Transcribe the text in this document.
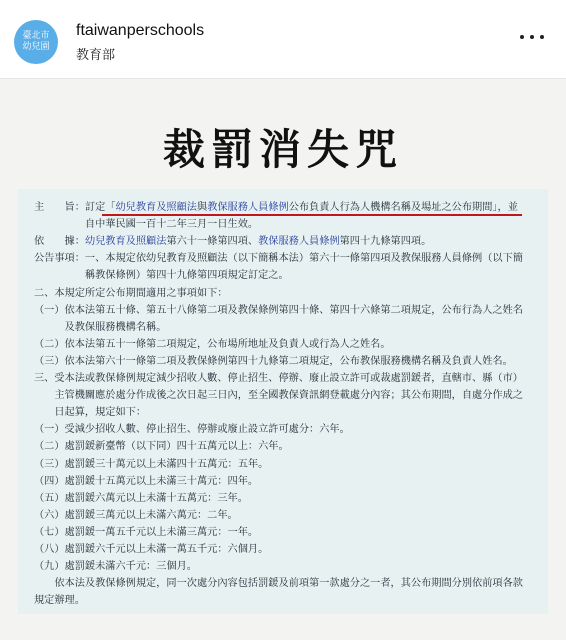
臺北市
幼兒園
ftaiwanperschools
教育部
裁罰消失咒
主　　旨：訂定「幼兒教育及照顧法與教保服務人員條例公布負責人行為人機構名稱及場址之公布期間」，並
　　　　　自中華民國一百十二年三月一日生效。
依　　據：幼兒教育及照顧法第六十一條第四項、教保服務人員條例第四十九條第四項。
公告事項：一、本規定依幼兒教育及照顧法（以下簡稱本法）第六十一條第四項及教保服務人員條例（以下簡
　　　　　稱教保條例）第四十九條第四項規定訂定之。
二、本規定所定公布期間適用之事項如下：
（一）依本法第五十條、第五十八條第二項及教保條例第四十條、第四十六條第二項規定，公布行為人之姓名
　　　及教保服務機構名稱。
（二）依本法第五十一條第二項規定，公布場所地址及負責人或行為人之姓名。
（三）依本法第六十一條第二項及教保條例第四十九條第二項規定，公布教保服務機構名稱及負責人姓名。
三、受本法或教保條例規定減少招收人數、停止招生、停辦、廢止設立許可或裁處罰鍰者，直轄市、縣（市）
　　主管機關應於處分作成後之次日起三日內，至全國教保資訊網登載處分內容；其公布期間，自處分作成之
　　日起算，規定如下：
（一）受減少招收人數、停止招生、停辦或廢止設立許可處分：六年。
（二）處罰鍰新臺幣（以下同）四十五萬元以上：六年。
（三）處罰鍰三十萬元以上未滿四十五萬元：五年。
（四）處罰鍰十五萬元以上未滿三十萬元：四年。
（五）處罰鍰六萬元以上未滿十五萬元：三年。
（六）處罰鍰三萬元以上未滿六萬元：二年。
（七）處罰鍰一萬五千元以上未滿三萬元：一年。
（八）處罰鍰六千元以上未滿一萬五千元：六個月。
（九）處罰鍰未滿六千元：三個月。
　　依本法及教保條例規定，同一次處分內容包括罰鍰及前項第一款處分之一者，其公布期間分別依前項各款
規定辦理。
